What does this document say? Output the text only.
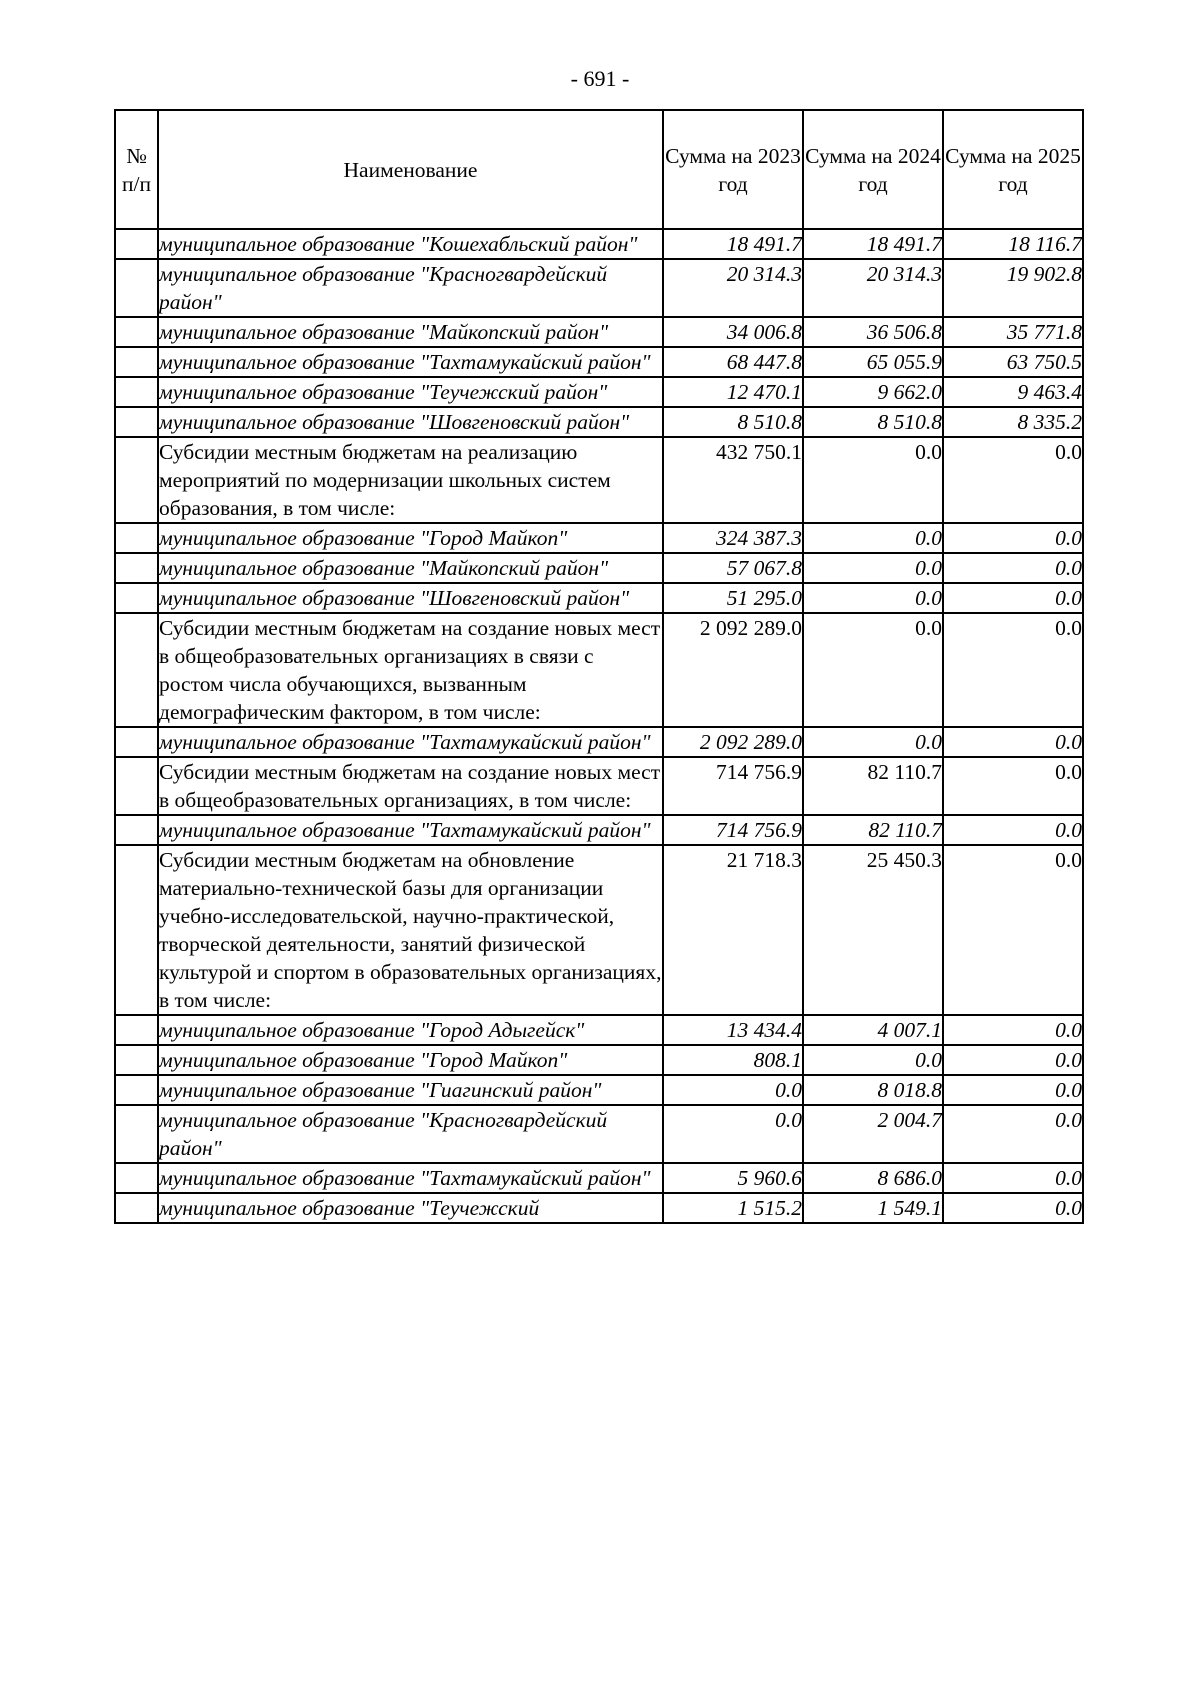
- 691 -
№ п/п	Наименование	Сумма на 2023 год	Сумма на 2024 год	Сумма на 2025 год
	муниципальное образование "Кошехабльский район"	18 491.7	18 491.7	18 116.7
	муниципальное образование "Красногвардейский район"	20 314.3	20 314.3	19 902.8
	муниципальное образование "Майкопский район"	34 006.8	36 506.8	35 771.8
	муниципальное образование "Тахтамукайский район"	68 447.8	65 055.9	63 750.5
	муниципальное образование "Теучежский район"	12 470.1	9 662.0	9 463.4
	муниципальное образование "Шовгеновский район"	8 510.8	8 510.8	8 335.2
	Субсидии местным бюджетам на реализацию мероприятий по модернизации школьных систем образования, в том числе:	432 750.1	0.0	0.0
	муниципальное образование "Город Майкоп"	324 387.3	0.0	0.0
	муниципальное образование "Майкопский район"	57 067.8	0.0	0.0
	муниципальное образование "Шовгеновский район"	51 295.0	0.0	0.0
	Субсидии местным бюджетам на создание новых мест в общеобразовательных организациях в связи с ростом числа обучающихся, вызванным демографическим фактором, в том числе:	2 092 289.0	0.0	0.0
	муниципальное образование "Тахтамукайский район"	2 092 289.0	0.0	0.0
	Субсидии местным бюджетам на создание новых мест в общеобразовательных организациях, в том числе:	714 756.9	82 110.7	0.0
	муниципальное образование "Тахтамукайский район"	714 756.9	82 110.7	0.0
	Субсидии местным бюджетам на обновление материально-технической базы для организации учебно-исследовательской, научно-практической, творческой деятельности, занятий физической культурой и спортом в образовательных организациях, в том числе:	21 718.3	25 450.3	0.0
	муниципальное образование "Город Адыгейск"	13 434.4	4 007.1	0.0
	муниципальное образование "Город Майкоп"	808.1	0.0	0.0
	муниципальное образование "Гиагинский район"	0.0	8 018.8	0.0
	муниципальное образование "Красногвардейский район"	0.0	2 004.7	0.0
	муниципальное образование "Тахтамукайский район"	5 960.6	8 686.0	0.0
	муниципальное образование "Теучежский	1 515.2	1 549.1	0.0
